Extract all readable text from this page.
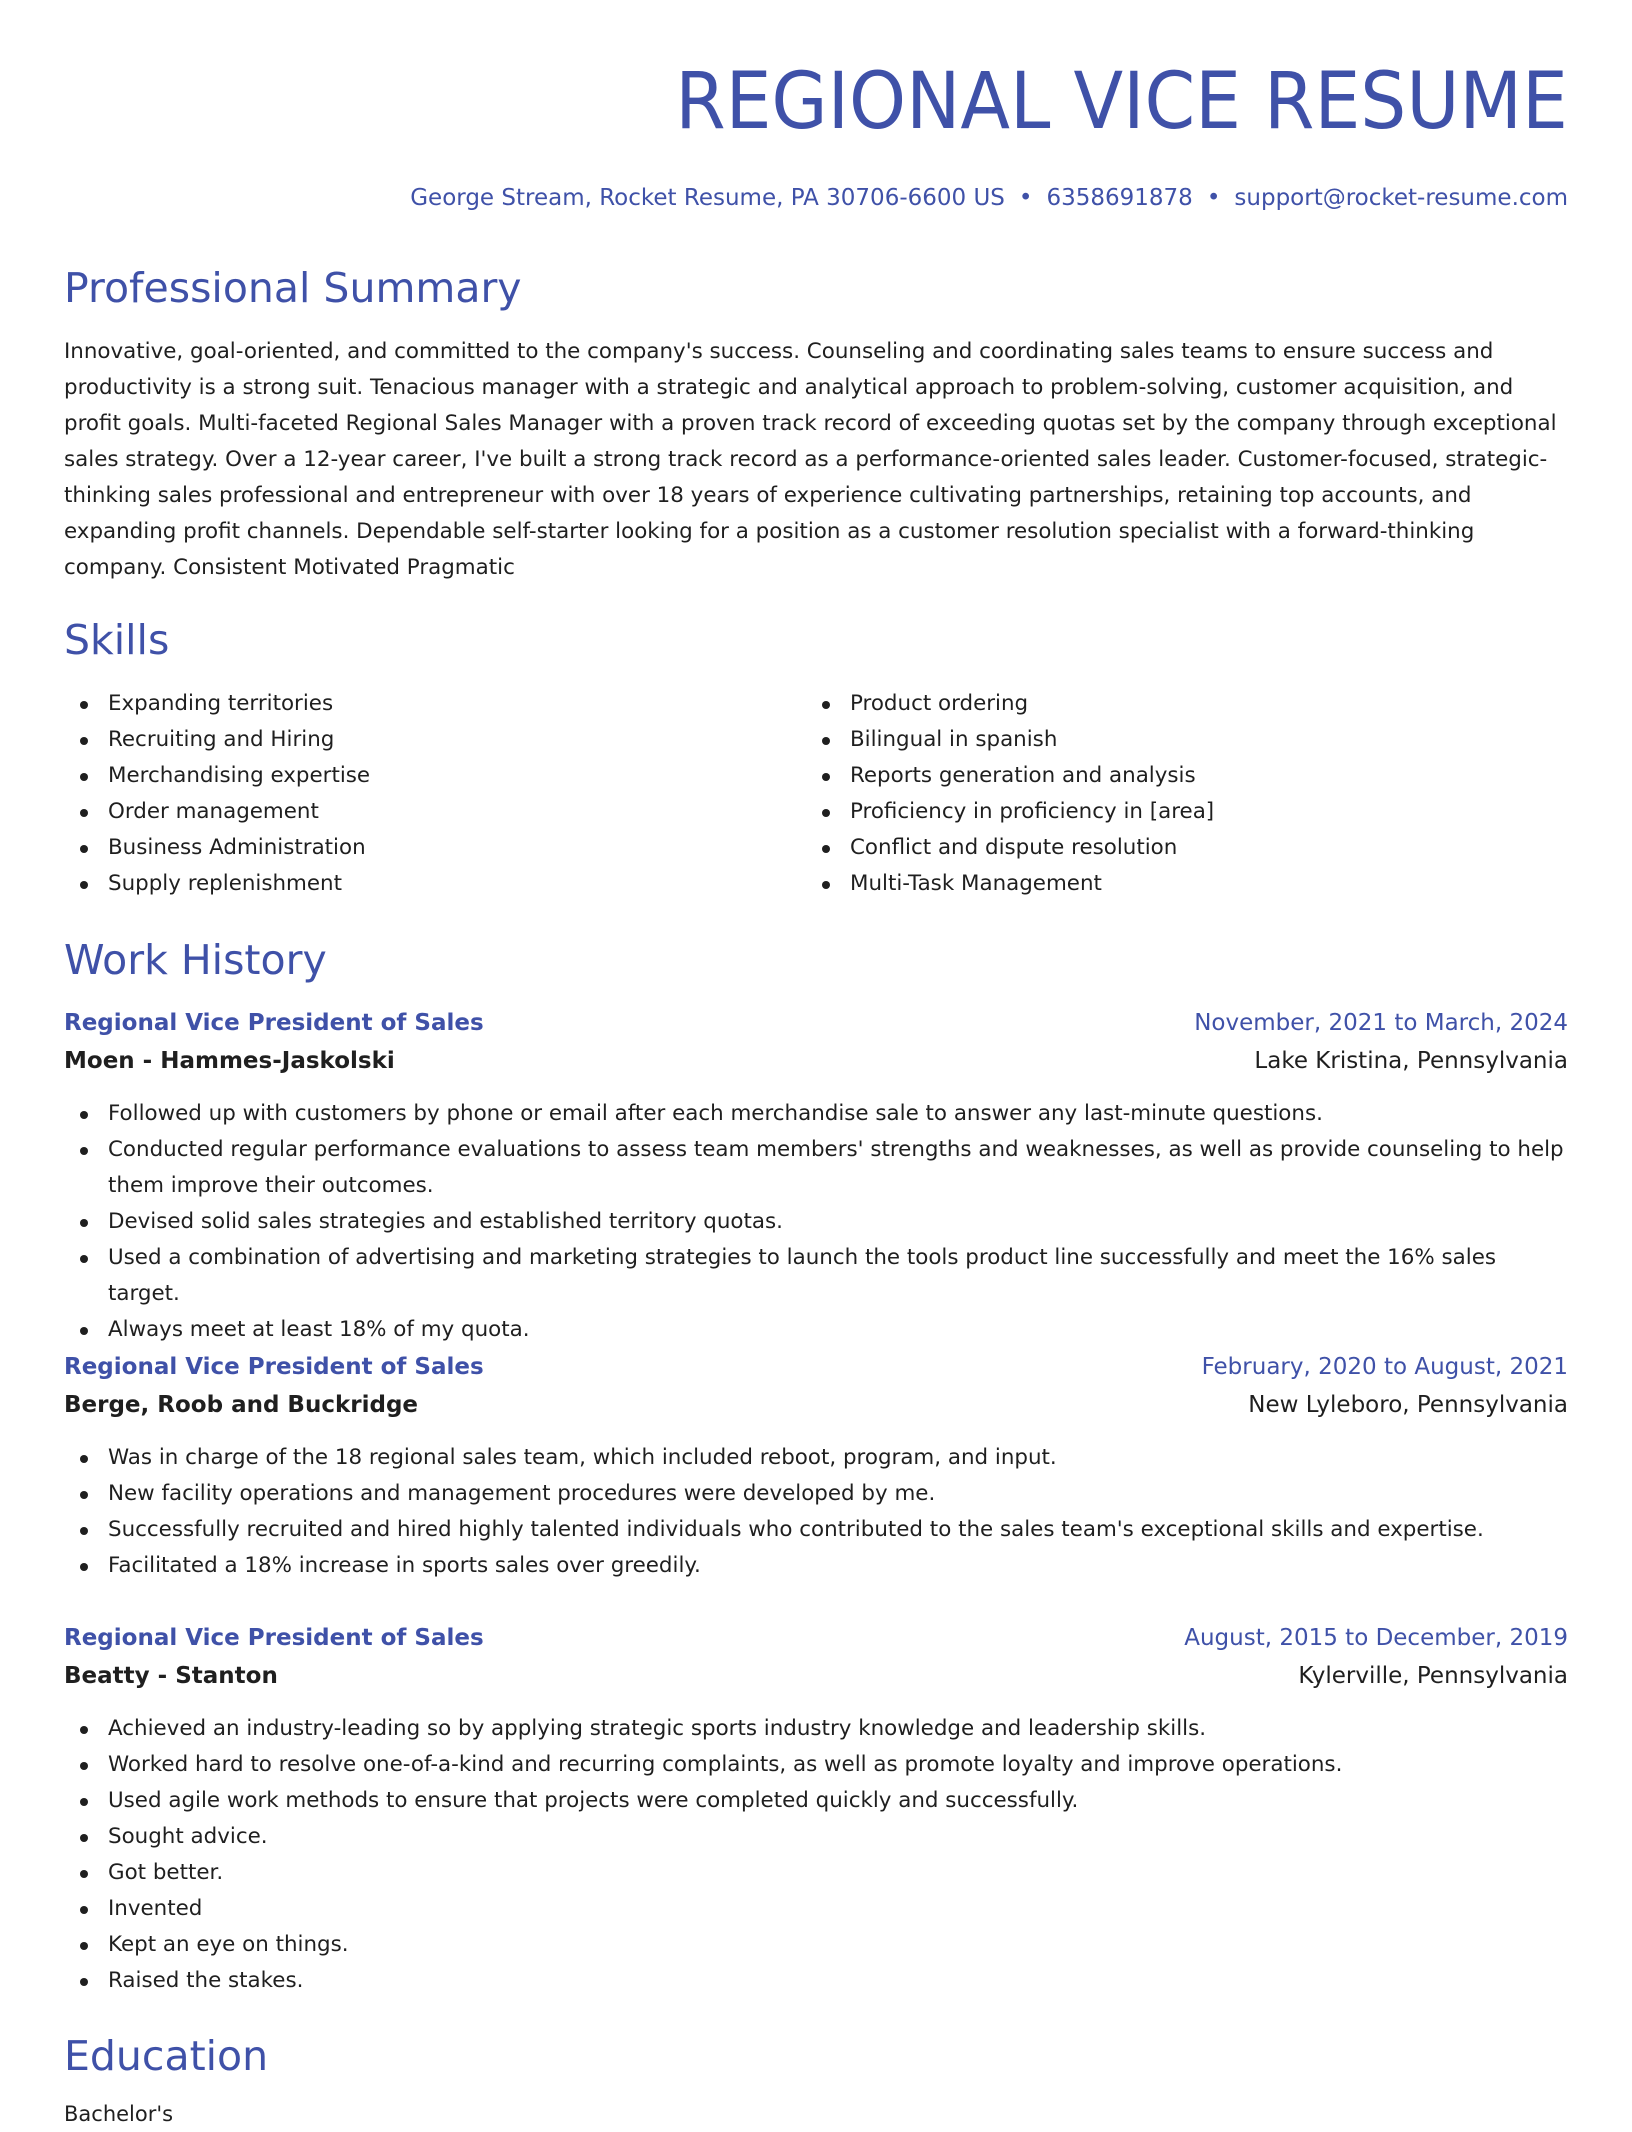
REGIONAL VICE RESUME
George Stream, Rocket Resume, PA 30706-6600 US • 6358691878 • support@rocket-resume.com
Professional Summary

Innovative, goal-oriented, and committed to the company's success. Counseling and coordinating sales teams to ensure success and productivity is a strong suit. Tenacious manager with a strategic and analytical approach to problem-solving, customer acquisition, and profit goals. Multi-faceted Regional Sales Manager with a proven track record of exceeding quotas set by the company through exceptional sales strategy. Over a 12-year career, I've built a strong track record as a performance-oriented sales leader. Customer-focused, strategic-thinking sales professional and entrepreneur with over 18 years of experience cultivating partnerships, retaining top accounts, and expanding profit channels. Dependable self-starter looking for a position as a customer resolution specialist with a forward-thinking company. Consistent Motivated Pragmatic

Skills
Expanding territories
Recruiting and Hiring
Merchandising expertise
Order management
Business Administration
Supply replenishment
Product ordering
Bilingual in spanish
Reports generation and analysis
Proficiency in proficiency in [area]
Conflict and dispute resolution
Multi-Task Management
Work History
Regional Vice President of Sales	November, 2021 to March, 2024
Moen - Hammes-Jaskolski	Lake Kristina, Pennsylvania
Followed up with customers by phone or email after each merchandise sale to answer any last-minute questions.
Conducted regular performance evaluations to assess team members' strengths and weaknesses, as well as provide counseling to help them improve their outcomes.
Devised solid sales strategies and established territory quotas.
Used a combination of advertising and marketing strategies to launch the tools product line successfully and meet the 16% sales target.
Always meet at least 18% of my quota.
Regional Vice President of Sales	February, 2020 to August, 2021
Berge, Roob and Buckridge	New Lyleboro, Pennsylvania
Was in charge of the 18 regional sales team, which included reboot, program, and input.
New facility operations and management procedures were developed by me.
Successfully recruited and hired highly talented individuals who contributed to the sales team's exceptional skills and expertise.
Facilitated a 18% increase in sports sales over greedily.
Regional Vice President of Sales	August, 2015 to December, 2019
Beatty - Stanton	Kylerville, Pennsylvania
Achieved an industry-leading so by applying strategic sports industry knowledge and leadership skills.
Worked hard to resolve one-of-a-kind and recurring complaints, as well as promote loyalty and improve operations.
Used agile work methods to ensure that projects were completed quickly and successfully.
Sought advice.
Got better.
Invented
Kept an eye on things.
Raised the stakes.
Education
Bachelor's
